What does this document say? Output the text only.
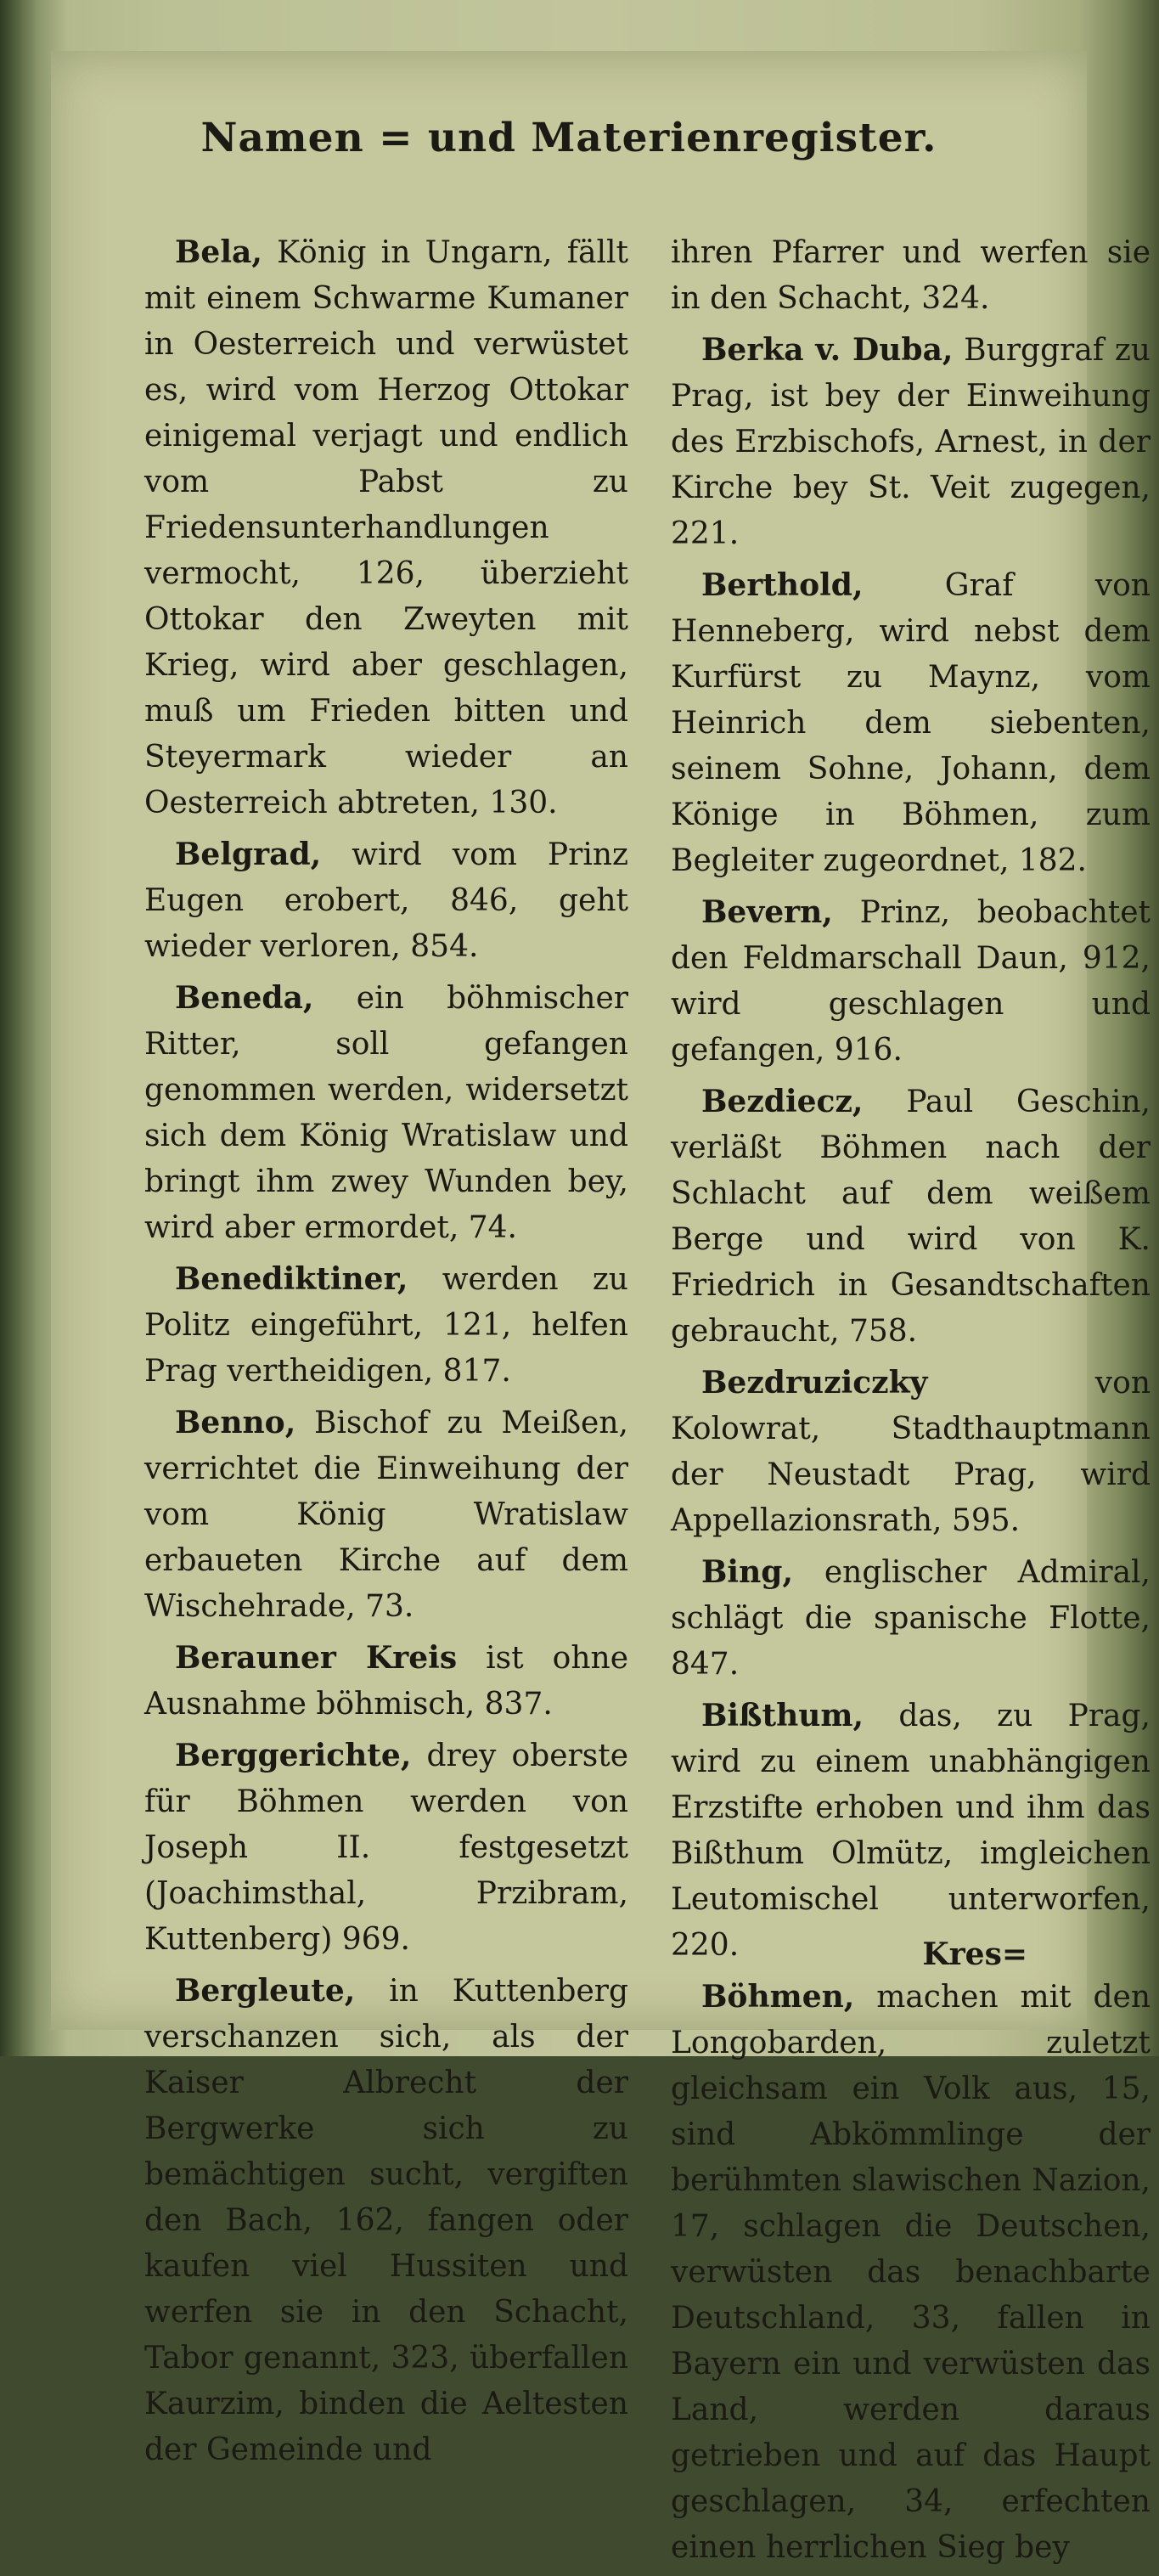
Namen = und Materienregister.

Bela, König in Ungarn, fällt mit einem Schwarme Kumaner in Oesterreich und verwüstet es, wird vom Herzog Ottokar einigemal verjagt und endlich vom Pabst zu Friedensunterhandlungen vermocht, 126, überzieht Ottokar den Zweyten mit Krieg, wird aber geschlagen, muß um Frieden bitten und Steyermark wieder an Oesterreich abtreten, 130.

Belgrad, wird vom Prinz Eugen erobert, 846, geht wieder verloren, 854.

Beneda, ein böhmischer Ritter, soll gefangen genommen werden, widersetzt sich dem König Wratislaw und bringt ihm zwey Wunden bey, wird aber ermordet, 74.

Benediktiner, werden zu Politz eingeführt, 121, helfen Prag vertheidigen, 817.

Benno, Bischof zu Meißen, verrichtet die Einweihung der vom König Wratislaw erbaueten Kirche auf dem Wischehrade, 73.

Berauner Kreis ist ohne Ausnahme böhmisch, 837.

Berggerichte, drey oberste für Böhmen werden von Joseph II. festgesetzt (Joachimsthal, Przibram, Kuttenberg) 969.

Bergleute, in Kuttenberg verschanzen sich, als der Kaiser Albrecht der Bergwerke sich zu bemächtigen sucht, vergiften den Bach, 162, fangen oder kaufen viel Hussiten und werfen sie in den Schacht, Tabor genannt, 323, überfallen Kaurzim, binden die Aeltesten der Gemeinde und

ihren Pfarrer und werfen sie in den Schacht, 324.

Berka v. Duba, Burggraf zu Prag, ist bey der Einweihung des Erzbischofs, Arnest, in der Kirche bey St. Veit zugegen, 221.

Berthold, Graf von Henneberg, wird nebst dem Kurfürst zu Maynz, vom Heinrich dem siebenten, seinem Sohne, Johann, dem Könige in Böhmen, zum Begleiter zugeordnet, 182.

Bevern, Prinz, beobachtet den Feldmarschall Daun, 912, wird geschlagen und gefangen, 916.

Bezdiecz, Paul Geschin, verläßt Böhmen nach der Schlacht auf dem weißem Berge und wird von K. Friedrich in Gesandtschaften gebraucht, 758.

Bezdruziczky von Kolowrat, Stadthauptmann der Neustadt Prag, wird Appellazionsrath, 595.

Bing, englischer Admiral, schlägt die spanische Flotte, 847.

Bißthum, das, zu Prag, wird zu einem unabhängigen Erzstifte erhoben und ihm das Bißthum Olmütz, imgleichen Leutomischel unterworfen, 220.

Böhmen, machen mit den Longobarden, zuletzt gleichsam ein Volk aus, 15, sind Abkömmlinge der berühmten slawischen Nazion, 17, schlagen die Deutschen, verwüsten das benachbarte Deutschland, 33, fallen in Bayern ein und verwüsten das Land, werden daraus getrieben und auf das Haupt geschlagen, 34, erfechten einen herrlichen Sieg bey

Kres=
